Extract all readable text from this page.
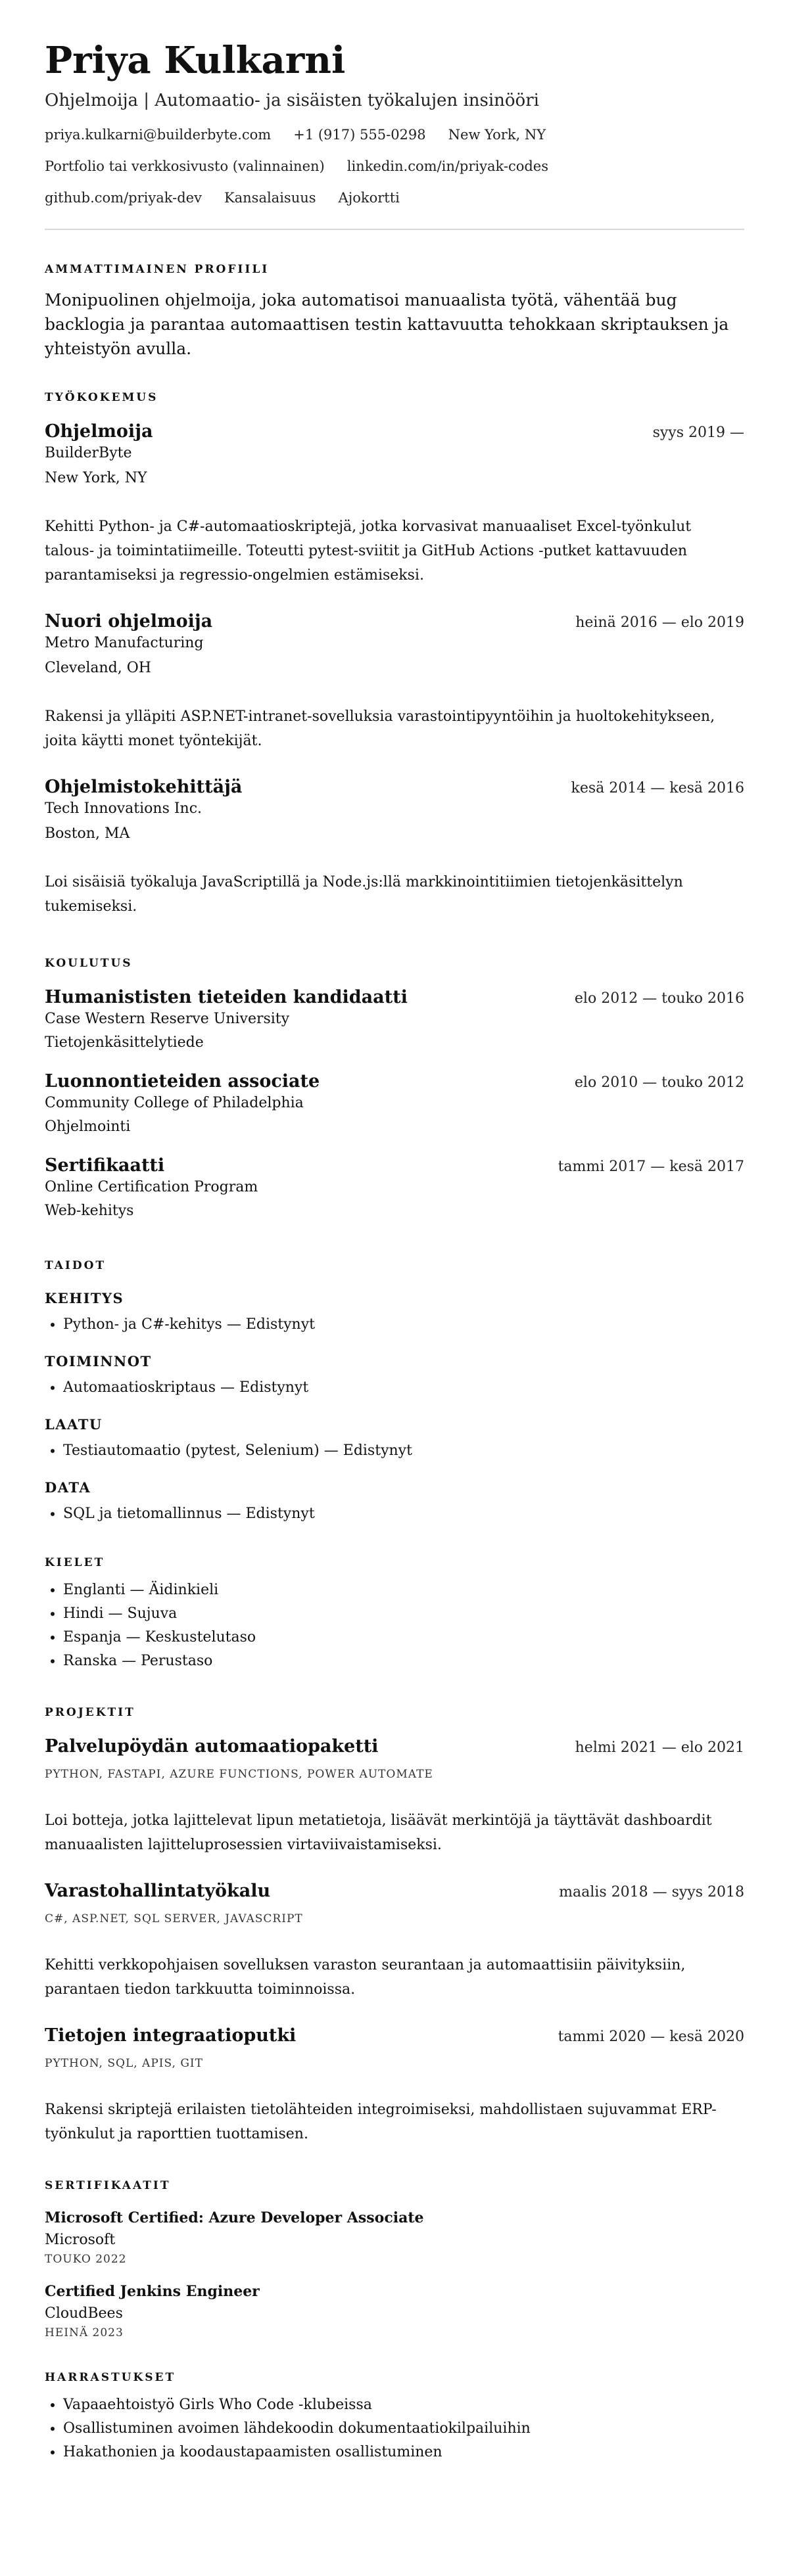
Priya Kulkarni
Ohjelmoija | Automaatio- ja sisäisten työkalujen insinööri
priya.kulkarni@builderbyte.com +1 (917) 555-0298 New York, NY
Portfolio tai verkkosivusto (valinnainen) linkedin.com/in/priyak-codes
github.com/priyak-dev Kansalaisuus Ajokortti
AMMATTIMAINEN PROFIILI
Monipuolinen ohjelmoija, joka automatisoi manuaalista työtä, vähentää bug backlogia ja parantaa automaattisen testin kattavuutta tehokkaan skriptauksen ja yhteistyön avulla.
TYÖKOKEMUS
Ohjelmoija	syys 2019 —
BuilderByte
New York, NY
Kehitti Python- ja C#-automaatioskriptejä, jotka korvasivat manuaaliset Excel-työnkulut talous- ja toimintatiimeille. Toteutti pytest-sviitit ja GitHub Actions -putket kattavuuden parantamiseksi ja regressio-ongelmien estämiseksi.
Nuori ohjelmoija	heinä 2016 — elo 2019
Metro Manufacturing
Cleveland, OH
Rakensi ja ylläpiti ASP.NET-intranet-sovelluksia varastointipyyntöihin ja huoltokehitykseen, joita käytti monet työntekijät.
Ohjelmistokehittäjä	kesä 2014 — kesä 2016
Tech Innovations Inc.
Boston, MA
Loi sisäisiä työkaluja JavaScriptillä ja Node.js:llä markkinointitiimien tietojenkäsittelyn tukemiseksi.
KOULUTUS
Humanististen tieteiden kandidaatti	elo 2012 — touko 2016
Case Western Reserve University
Tietojenkäsittelytiede
Luonnontieteiden associate	elo 2010 — touko 2012
Community College of Philadelphia
Ohjelmointi
Sertifikaatti	tammi 2017 — kesä 2017
Online Certification Program
Web-kehitys
TAIDOT
KEHITYS
• Python- ja C#-kehitys — Edistynyt
TOIMINNOT
• Automaatioskriptaus — Edistynyt
LAATU
• Testiautomaatio (pytest, Selenium) — Edistynyt
DATA
• SQL ja tietomallinnus — Edistynyt
KIELET
• Englanti — Äidinkieli
• Hindi — Sujuva
• Espanja — Keskustelutaso
• Ranska — Perustaso
PROJEKTIT
Palvelupöydän automaatiopaketti	helmi 2021 — elo 2021
PYTHON, FASTAPI, AZURE FUNCTIONS, POWER AUTOMATE
Loi botteja, jotka lajittelevat lipun metatietoja, lisäävät merkintöjä ja täyttävät dashboardit manuaalisten lajitteluprosessien virtaviivaistamiseksi.
Varastohallintatyökalu	maalis 2018 — syys 2018
C#, ASP.NET, SQL SERVER, JAVASCRIPT
Kehitti verkkopohjaisen sovelluksen varaston seurantaan ja automaattisiin päivityksiin, parantaen tiedon tarkkuutta toiminnoissa.
Tietojen integraatioputki	tammi 2020 — kesä 2020
PYTHON, SQL, APIS, GIT
Rakensi skriptejä erilaisten tietolähteiden integroimiseksi, mahdollistaen sujuvammat ERP-työnkulut ja raporttien tuottamisen.
SERTIFIKAATIT
Microsoft Certified: Azure Developer Associate
Microsoft
TOUKO 2022
Certified Jenkins Engineer
CloudBees
HEINÄ 2023
HARRASTUKSET
• Vapaaehtoistyö Girls Who Code -klubeissa
• Osallistuminen avoimen lähdekoodin dokumentaatiokilpailuihin
• Hakathonien ja koodaustapaamisten osallistuminen
